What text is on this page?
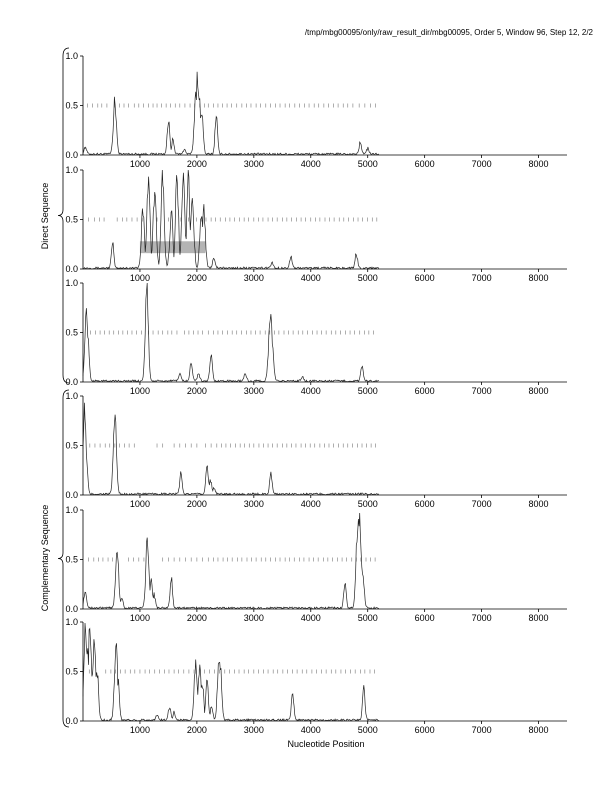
/tmp/mbg00095/only/raw_result_dir/mbg00095, Order 5, Window 96, Step 12, 2/2
Nucleotide Position
Direct Sequence
Complementary Sequence
0.0
0.5
1.0
1000	2000	3000	4000	5000	6000	7000	8000
0.0
0.5
1.0
1000	2000	3000	4000	5000	6000	7000	8000
0.0
0.5
1.0
1000	2000	3000	4000	5000	6000	7000	8000
0.0
0.5
1.0
1000	2000	3000	4000	5000	6000	7000	8000
0.0
0.5
1.0
1000	2000	3000	4000	5000	6000	7000	8000
0.0
0.5
1.0
1000	2000	3000	4000	5000	6000	7000	8000
